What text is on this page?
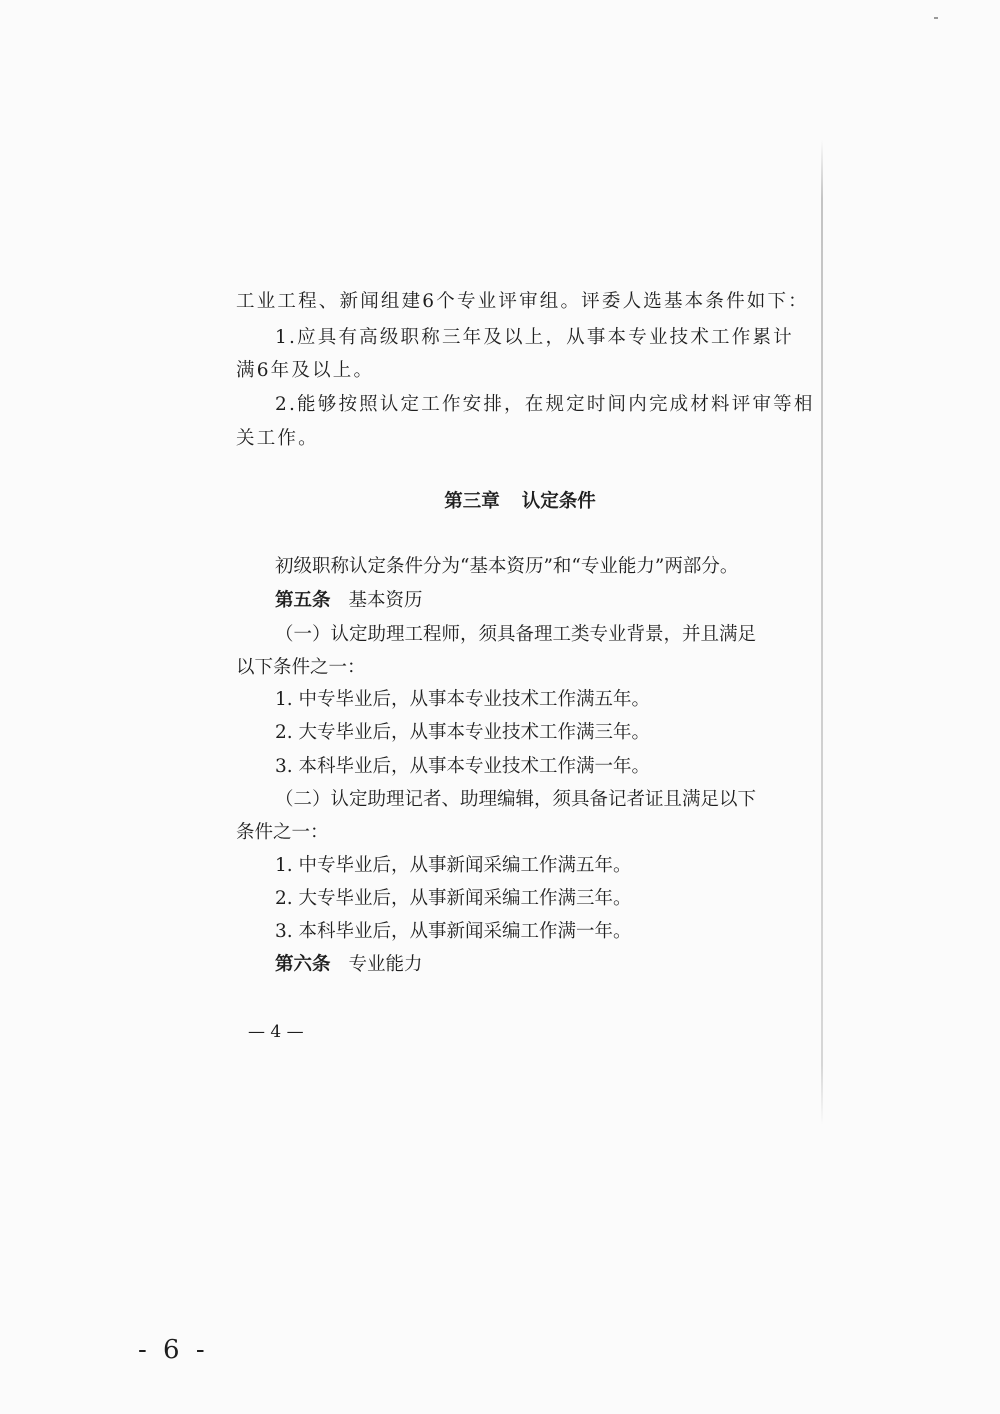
工业工程、新闻组建6个专业评审组。评委人选基本条件如下：
1.应具有高级职称三年及以上，从事本专业技术工作累计
满6年及以上。
2.能够按照认定工作安排，在规定时间内完成材料评审等相
关工作。
第三章 认定条件
初级职称认定条件分为“基本资历”和“专业能力”两部分。
第五条 基本资历
（一）认定助理工程师，须具备理工类专业背景，并且满足
以下条件之一：
1. 中专毕业后，从事本专业技术工作满五年。
2. 大专毕业后，从事本专业技术工作满三年。
3. 本科毕业后，从事本专业技术工作满一年。
（二）认定助理记者、助理编辑，须具备记者证且满足以下
条件之一：
1. 中专毕业后，从事新闻采编工作满五年。
2. 大专毕业后，从事新闻采编工作满三年。
3. 本科毕业后，从事新闻采编工作满一年。
第六条 专业能力
— 4 —
- 6 -
